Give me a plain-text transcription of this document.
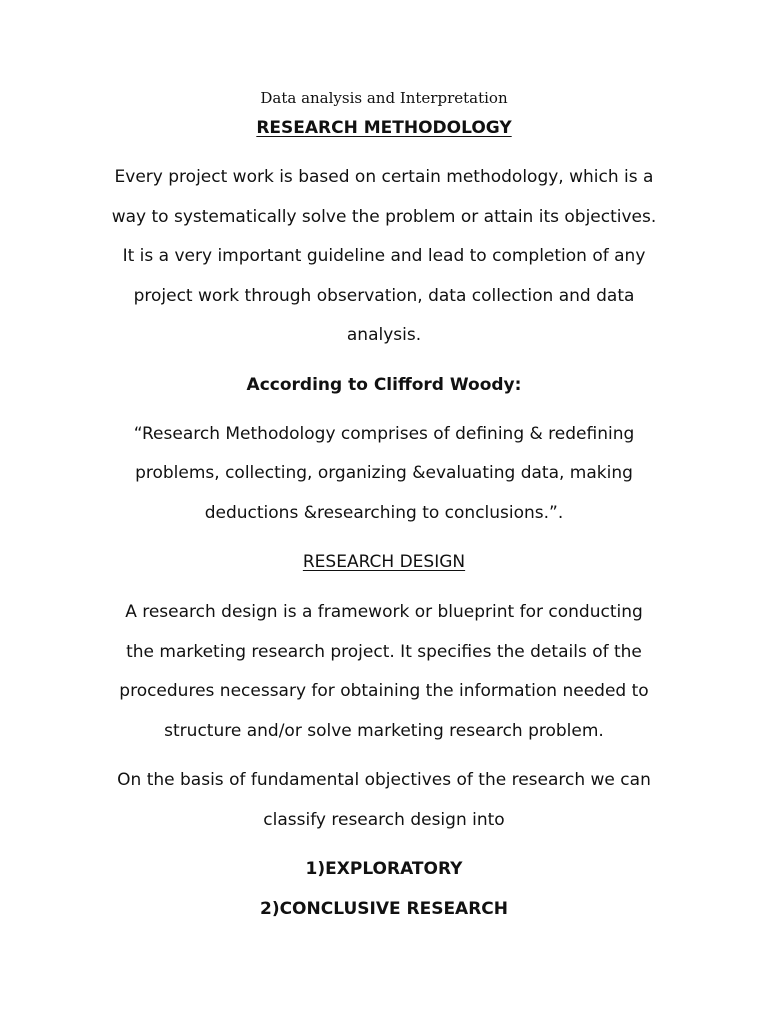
Data analysis and Interpretation
RESEARCH METHODOLOGY
Every project work is based on certain methodology, which is a
way to systematically solve the problem or attain its objectives.
It is a very important guideline and lead to completion of any
project work through observation, data collection and data
analysis.
According to Clifford Woody:
“Research Methodology comprises of defining & redefining
problems, collecting, organizing &evaluating data, making
deductions &researching to conclusions.”.
RESEARCH DESIGN
A research design is a framework or blueprint for conducting
the marketing research project. It specifies the details of the
procedures necessary for obtaining the information needed to
structure and/or solve marketing research problem.
On the basis of fundamental objectives of the research we can
classify research design into
1)EXPLORATORY
2)CONCLUSIVE RESEARCH
